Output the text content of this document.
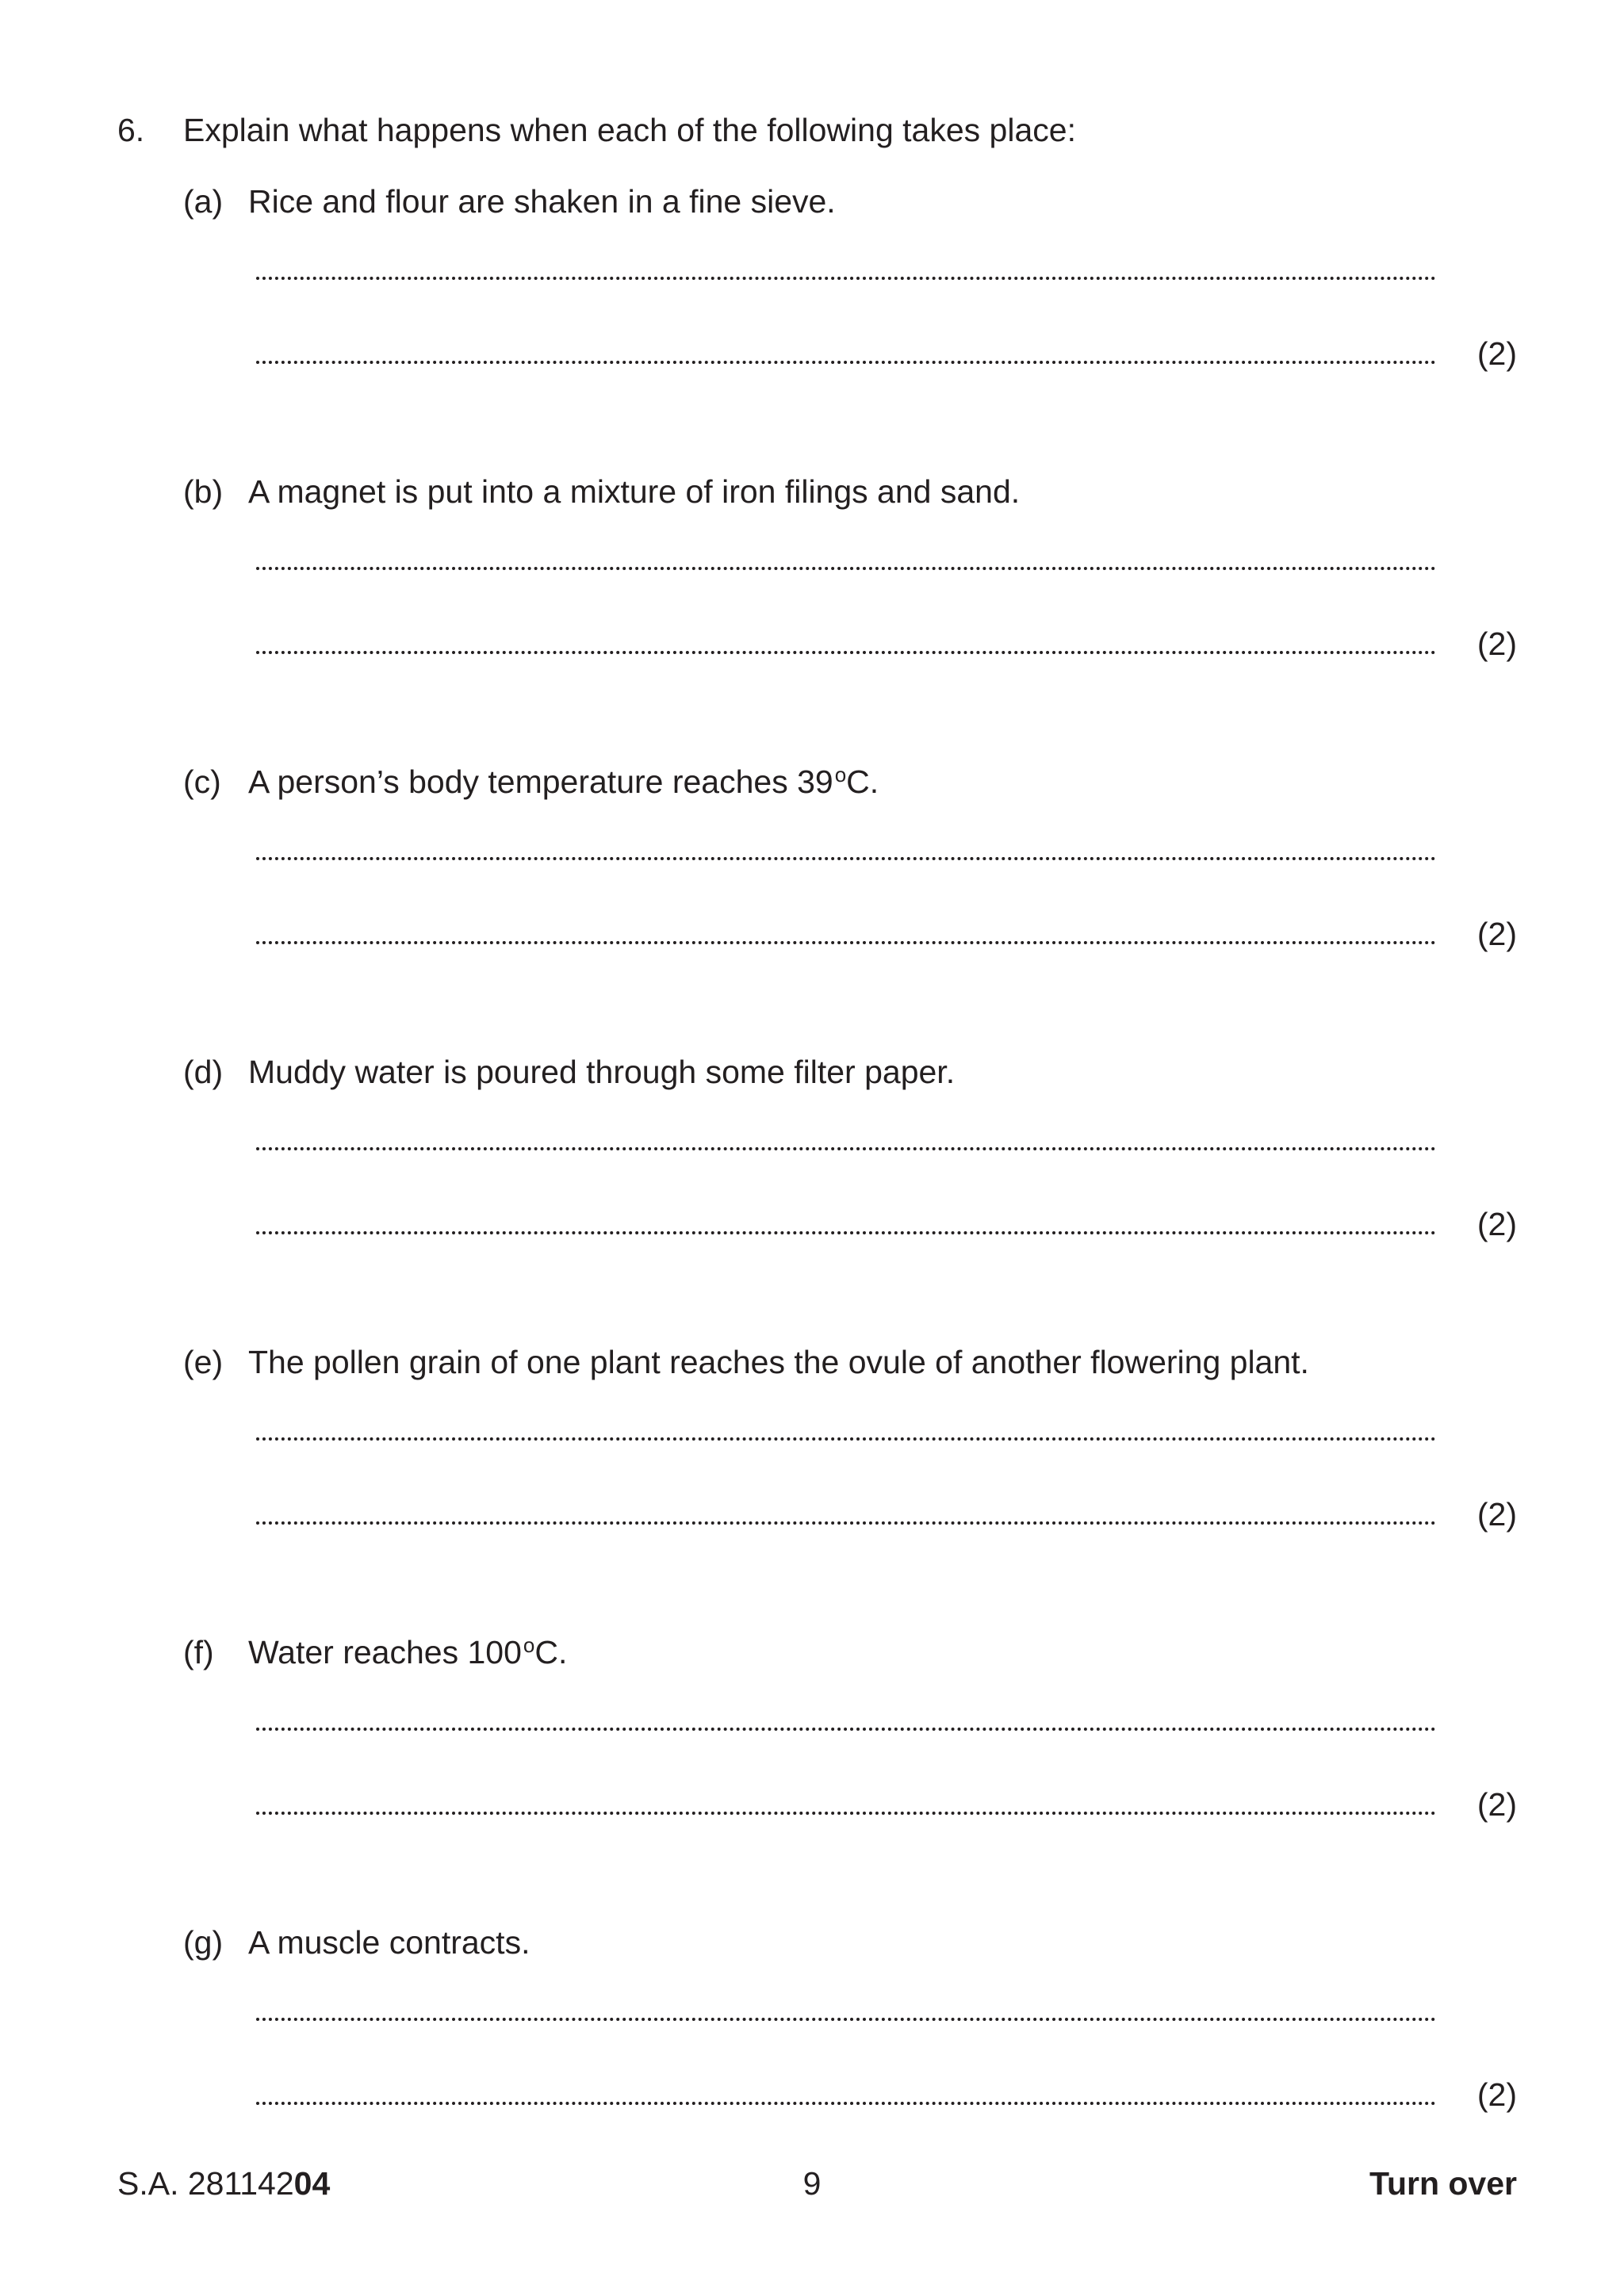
6. Explain what happens when each of the following takes place:
(a) Rice and flour are shaken in a fine sieve.
(2)
(b) A magnet is put into a mixture of iron filings and sand.
(2)
(c) A person’s body temperature reaches 39$^o$C.
(2)
(d) Muddy water is poured through some filter paper.
(2)
(e) The pollen grain of one plant reaches the ovule of another flowering plant.
(2)
(f) Water reaches 100$^o$C.
(2)
(g) A muscle contracts.
(2)
S.A. 28114204	9	Turn over
